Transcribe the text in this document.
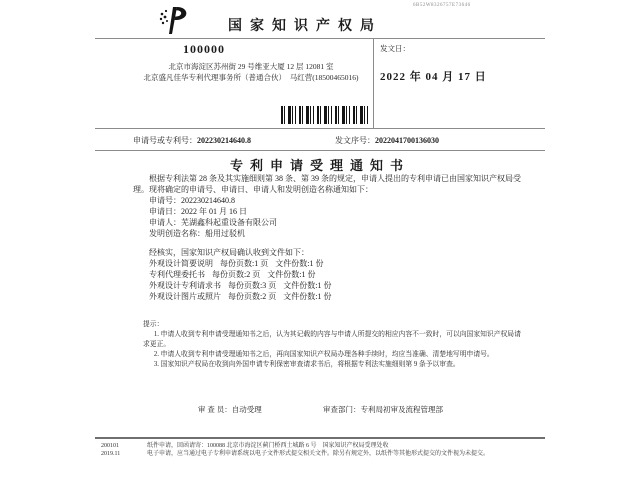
国家知识产权局
6B52W8326757E73646
100000
北京市海淀区苏州街 29 号维亚大厦 12 层 12081 室
北京盛凡佳华专利代理事务所（普通合伙）　马红营(18500465016)
发文日：
2022 年 04 月 17 日
申请号或专利号：202230214640.8	发文序号：2022041700136030
专利申请受理通知书
根据专利法第 28 条及其实施细则第 38 条、第 39 条的规定，申请人提出的专利申请已由国家知识产权局受理。现将确定的申请号、申请日、申请人和发明创造名称通知如下：
申请号：202230214640.8
申请日：2022 年 01 月 16 日
申请人：芜湖鑫科起重设备有限公司
发明创造名称：船用过驳机
经核实，国家知识产权局确认收到文件如下：
外观设计简要说明 每份页数:1 页 文件份数:1 份
专利代理委托书 每份页数:2 页 文件份数:1 份
外观设计专利请求书 每份页数:3 页 文件份数:1 份
外观设计图片或照片 每份页数:2 页 文件份数:1 份
提示：
1. 申请人收到专利申请受理通知书之后，认为其记载的内容与申请人所提交的相应内容不一致时，可以向国家知识产权局请求更正。
2. 申请人收到专利申请受理通知书之后，再向国家知识产权局办理各种手续时，均应当准确、清楚地写明申请号。
3. 国家知识产权局在收到向外国申请专利保密审查请求书后，将根据专利法实施细则第 9 条予以审查。
审 查 员：自动受理	审查部门：专利局初审及流程管理部
200101
2019.11
纸件申请，回函请寄：100088 北京市海淀区蓟门桥西土城路 6 号　国家知识产权局受理处收
电子申请，应当通过电子专利申请系统以电子文件形式提交相关文件。除另有规定外，以纸件等其他形式提交的文件视为未提交。
